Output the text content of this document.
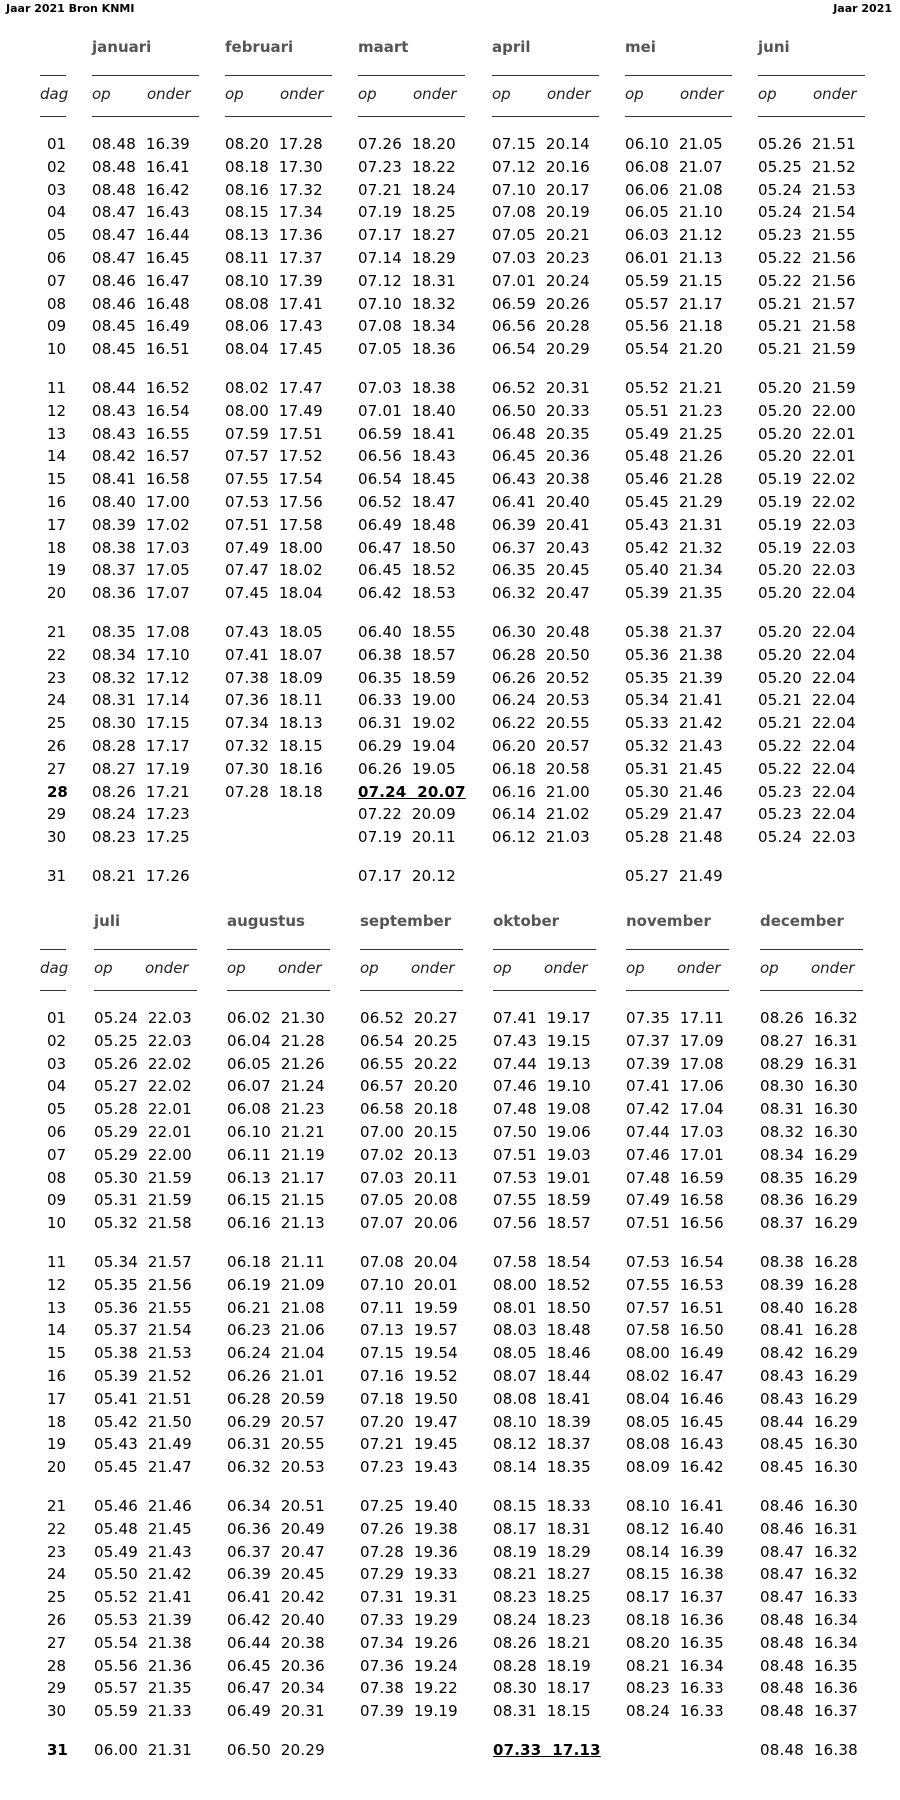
Jaar 2021 Bron KNMI	Jaar 2021
dag
01
02
03
04
05
06
07
08
09
10
11
12
13
14
15
16
17
18
19
20
21
22
23
24
25
26
27
28
29
30
31
januari
op onder
08.48  16.39
08.48  16.41
08.48  16.42
08.47  16.43
08.47  16.44
08.47  16.45
08.46  16.47
08.46  16.48
08.45  16.49
08.45  16.51
08.44  16.52
08.43  16.54
08.43  16.55
08.42  16.57
08.41  16.58
08.40  17.00
08.39  17.02
08.38  17.03
08.37  17.05
08.36  17.07
08.35  17.08
08.34  17.10
08.32  17.12
08.31  17.14
08.30  17.15
08.28  17.17
08.27  17.19
08.26  17.21
08.24  17.23
08.23  17.25
08.21  17.26
februari
op onder
08.20  17.28
08.18  17.30
08.16  17.32
08.15  17.34
08.13  17.36
08.11  17.37
08.10  17.39
08.08  17.41
08.06  17.43
08.04  17.45
08.02  17.47
08.00  17.49
07.59  17.51
07.57  17.52
07.55  17.54
07.53  17.56
07.51  17.58
07.49  18.00
07.47  18.02
07.45  18.04
07.43  18.05
07.41  18.07
07.38  18.09
07.36  18.11
07.34  18.13
07.32  18.15
07.30  18.16
07.28  18.18
maart
op onder
07.26  18.20
07.23  18.22
07.21  18.24
07.19  18.25
07.17  18.27
07.14  18.29
07.12  18.31
07.10  18.32
07.08  18.34
07.05  18.36
07.03  18.38
07.01  18.40
06.59  18.41
06.56  18.43
06.54  18.45
06.52  18.47
06.49  18.48
06.47  18.50
06.45  18.52
06.42  18.53
06.40  18.55
06.38  18.57
06.35  18.59
06.33  19.00
06.31  19.02
06.29  19.04
06.26  19.05
07.24  20.07
07.22  20.09
07.19  20.11
07.17  20.12
april
op onder
07.15  20.14
07.12  20.16
07.10  20.17
07.08  20.19
07.05  20.21
07.03  20.23
07.01  20.24
06.59  20.26
06.56  20.28
06.54  20.29
06.52  20.31
06.50  20.33
06.48  20.35
06.45  20.36
06.43  20.38
06.41  20.40
06.39  20.41
06.37  20.43
06.35  20.45
06.32  20.47
06.30  20.48
06.28  20.50
06.26  20.52
06.24  20.53
06.22  20.55
06.20  20.57
06.18  20.58
06.16  21.00
06.14  21.02
06.12  21.03
mei
op onder
06.10  21.05
06.08  21.07
06.06  21.08
06.05  21.10
06.03  21.12
06.01  21.13
05.59  21.15
05.57  21.17
05.56  21.18
05.54  21.20
05.52  21.21
05.51  21.23
05.49  21.25
05.48  21.26
05.46  21.28
05.45  21.29
05.43  21.31
05.42  21.32
05.40  21.34
05.39  21.35
05.38  21.37
05.36  21.38
05.35  21.39
05.34  21.41
05.33  21.42
05.32  21.43
05.31  21.45
05.30  21.46
05.29  21.47
05.28  21.48
05.27  21.49
juni
op onder
05.26  21.51
05.25  21.52
05.24  21.53
05.24  21.54
05.23  21.55
05.22  21.56
05.22  21.56
05.21  21.57
05.21  21.58
05.21  21.59
05.20  21.59
05.20  22.00
05.20  22.01
05.20  22.01
05.19  22.02
05.19  22.02
05.19  22.03
05.19  22.03
05.20  22.03
05.20  22.04
05.20  22.04
05.20  22.04
05.20  22.04
05.21  22.04
05.21  22.04
05.22  22.04
05.22  22.04
05.23  22.04
05.23  22.04
05.24  22.03
dag
01
02
03
04
05
06
07
08
09
10
11
12
13
14
15
16
17
18
19
20
21
22
23
24
25
26
27
28
29
30
31
juli
op onder
05.24  22.03
05.25  22.03
05.26  22.02
05.27  22.02
05.28  22.01
05.29  22.01
05.29  22.00
05.30  21.59
05.31  21.59
05.32  21.58
05.34  21.57
05.35  21.56
05.36  21.55
05.37  21.54
05.38  21.53
05.39  21.52
05.41  21.51
05.42  21.50
05.43  21.49
05.45  21.47
05.46  21.46
05.48  21.45
05.49  21.43
05.50  21.42
05.52  21.41
05.53  21.39
05.54  21.38
05.56  21.36
05.57  21.35
05.59  21.33
06.00  21.31
augustus
op onder
06.02  21.30
06.04  21.28
06.05  21.26
06.07  21.24
06.08  21.23
06.10  21.21
06.11  21.19
06.13  21.17
06.15  21.15
06.16  21.13
06.18  21.11
06.19  21.09
06.21  21.08
06.23  21.06
06.24  21.04
06.26  21.01
06.28  20.59
06.29  20.57
06.31  20.55
06.32  20.53
06.34  20.51
06.36  20.49
06.37  20.47
06.39  20.45
06.41  20.42
06.42  20.40
06.44  20.38
06.45  20.36
06.47  20.34
06.49  20.31
06.50  20.29
september
op onder
06.52  20.27
06.54  20.25
06.55  20.22
06.57  20.20
06.58  20.18
07.00  20.15
07.02  20.13
07.03  20.11
07.05  20.08
07.07  20.06
07.08  20.04
07.10  20.01
07.11  19.59
07.13  19.57
07.15  19.54
07.16  19.52
07.18  19.50
07.20  19.47
07.21  19.45
07.23  19.43
07.25  19.40
07.26  19.38
07.28  19.36
07.29  19.33
07.31  19.31
07.33  19.29
07.34  19.26
07.36  19.24
07.38  19.22
07.39  19.19
oktober
op onder
07.41  19.17
07.43  19.15
07.44  19.13
07.46  19.10
07.48  19.08
07.50  19.06
07.51  19.03
07.53  19.01
07.55  18.59
07.56  18.57
07.58  18.54
08.00  18.52
08.01  18.50
08.03  18.48
08.05  18.46
08.07  18.44
08.08  18.41
08.10  18.39
08.12  18.37
08.14  18.35
08.15  18.33
08.17  18.31
08.19  18.29
08.21  18.27
08.23  18.25
08.24  18.23
08.26  18.21
08.28  18.19
08.30  18.17
08.31  18.15
07.33  17.13
november
op onder
07.35  17.11
07.37  17.09
07.39  17.08
07.41  17.06
07.42  17.04
07.44  17.03
07.46  17.01
07.48  16.59
07.49  16.58
07.51  16.56
07.53  16.54
07.55  16.53
07.57  16.51
07.58  16.50
08.00  16.49
08.02  16.47
08.04  16.46
08.05  16.45
08.08  16.43
08.09  16.42
08.10  16.41
08.12  16.40
08.14  16.39
08.15  16.38
08.17  16.37
08.18  16.36
08.20  16.35
08.21  16.34
08.23  16.33
08.24  16.33
december
op onder
08.26  16.32
08.27  16.31
08.29  16.31
08.30  16.30
08.31  16.30
08.32  16.30
08.34  16.29
08.35  16.29
08.36  16.29
08.37  16.29
08.38  16.28
08.39  16.28
08.40  16.28
08.41  16.28
08.42  16.29
08.43  16.29
08.43  16.29
08.44  16.29
08.45  16.30
08.45  16.30
08.46  16.30
08.46  16.31
08.47  16.32
08.47  16.32
08.47  16.33
08.48  16.34
08.48  16.34
08.48  16.35
08.48  16.36
08.48  16.37
08.48  16.38
